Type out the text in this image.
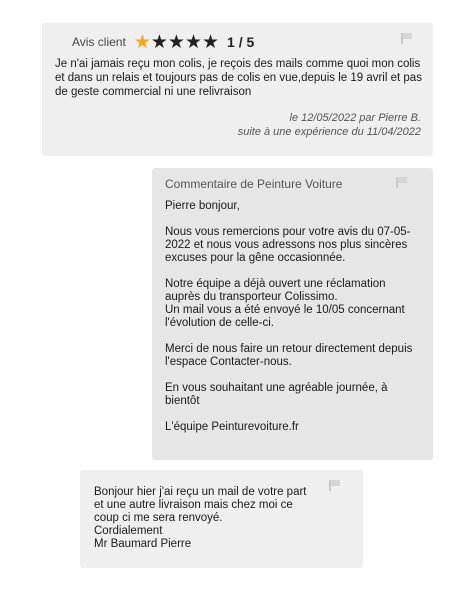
Avis client ★ ★ ★ ★ ★ 1 / 5
Je n'ai jamais reçu mon colis, je reçois des mails comme quoi mon colis et dans un relais et toujours pas de colis en vue,depuis le 19 avril et pas de geste commercial ni une relivraison
le 12/05/2022 par Pierre B.
suite à une expérience du 11/04/2022
Commentaire de Peinture Voiture

Pierre bonjour,

Nous vous remercions pour votre avis du 07-05-2022 et nous vous adressons nos plus sincères excuses pour la gêne occasionnée.

Notre équipe a déjà ouvert une réclamation auprès du transporteur Colissimo.
Un mail vous a été envoyé le 10/05 concernant l'évolution de celle-ci.

Merci de nous faire un retour directement depuis l'espace Contacter-nous.

En vous souhaitant une agréable journée, à bientôt

L'équipe Peinturevoiture.fr

Bonjour hier j'ai reçu un mail de votre part et une autre livraison mais chez moi ce coup ci me sera renvoyé.
Cordialement
Mr Baumard Pierre
